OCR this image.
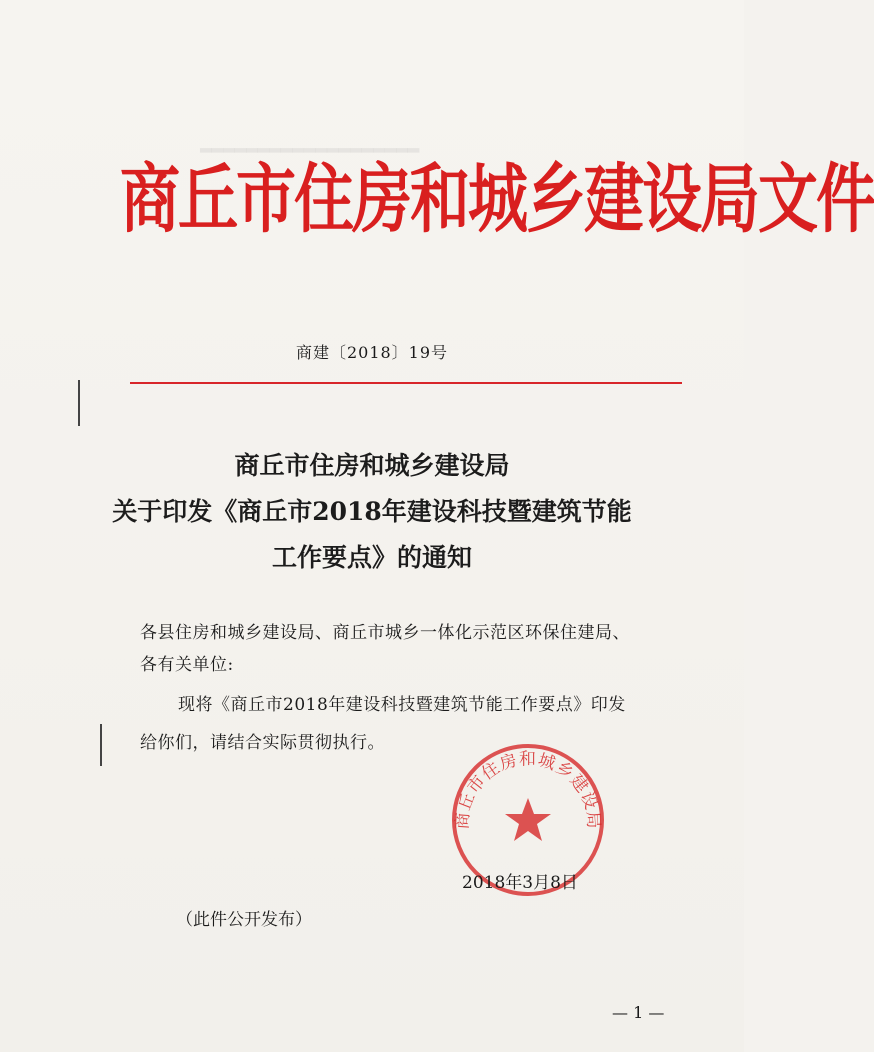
▂▂▂▂▂▂▂▂▂▂▂▂▂▂▂▂▂▂▂
商丘市住房和城乡建设局文件
商建〔2018〕19号
商丘市住房和城乡建设局
关于印发《商丘市2018年建设科技暨建筑节能
工作要点》的通知
各县住房和城乡建设局、商丘市城乡一体化示范区环保住建局、
各有关单位:
现将《商丘市2018年建设科技暨建筑节能工作要点》印发
给你们，请结合实际贯彻执行。
商丘市住房和城乡建设局
2018年3月8日
（此件公开发布）
— 1 —
